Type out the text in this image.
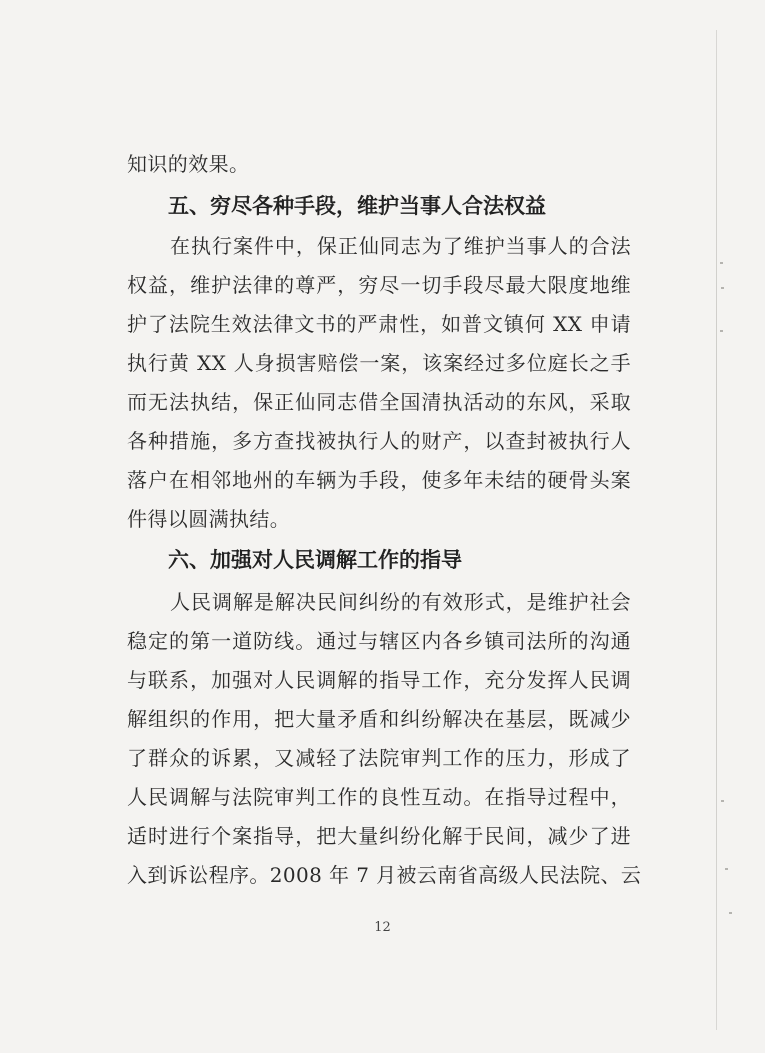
知识的效果。
五、穷尽各种手段，维护当事人合法权益
在执行案件中，保正仙同志为了维护当事人的合法
权益，维护法律的尊严，穷尽一切手段尽最大限度地维
护了法院生效法律文书的严肃性，如普文镇何 XX 申请
执行黄 XX 人身损害赔偿一案，该案经过多位庭长之手
而无法执结，保正仙同志借全国清执活动的东风，采取
各种措施，多方查找被执行人的财产，以查封被执行人
落户在相邻地州的车辆为手段，使多年未结的硬骨头案
件得以圆满执结。
六、加强对人民调解工作的指导
人民调解是解决民间纠纷的有效形式，是维护社会
稳定的第一道防线。通过与辖区内各乡镇司法所的沟通
与联系，加强对人民调解的指导工作，充分发挥人民调
解组织的作用，把大量矛盾和纠纷解决在基层，既减少
了群众的诉累，又减轻了法院审判工作的压力，形成了
人民调解与法院审判工作的良性互动。在指导过程中，
适时进行个案指导，把大量纠纷化解于民间，减少了进
入到诉讼程序。2008 年 7 月被云南省高级人民法院、云
12
